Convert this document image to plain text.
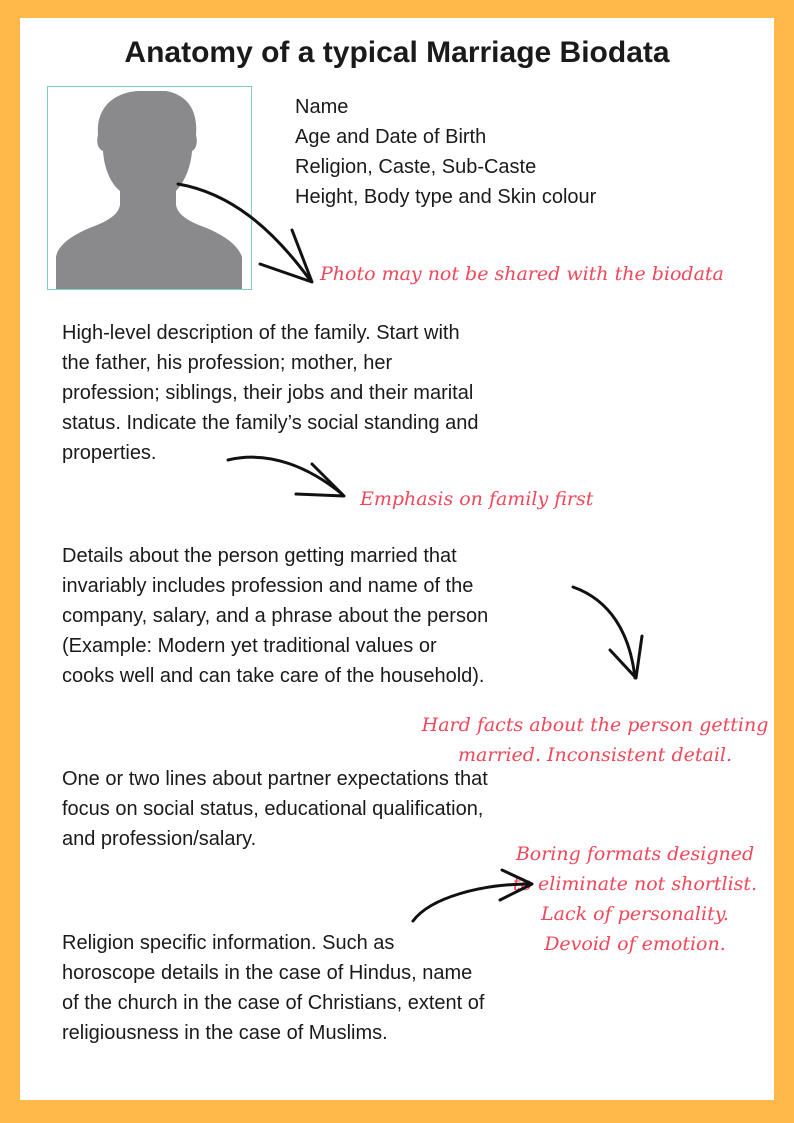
Anatomy of a typical Marriage Biodata
Name
Age and Date of Birth
Religion, Caste, Sub-Caste
Height, Body type and Skin colour
Photo may not be shared with the biodata
High-level description of the family. Start with
the father, his profession; mother, her
profession; siblings, their jobs and their marital
status. Indicate the family’s social standing and
properties.
Emphasis on family first
Details about the person getting married that
invariably includes profession and name of the
company, salary, and a phrase about the person
(Example: Modern yet traditional values or
cooks well and can take care of the household).
Hard facts about the person getting
married. Inconsistent detail.
One or two lines about partner expectations that
focus on social status, educational qualification,
and profession/salary.
Boring formats designed
to eliminate not shortlist.
Lack of personality.
Devoid of emotion.
Religion specific information. Such as
horoscope details in the case of Hindus, name
of the church in the case of Christians, extent of
religiousness in the case of Muslims.
